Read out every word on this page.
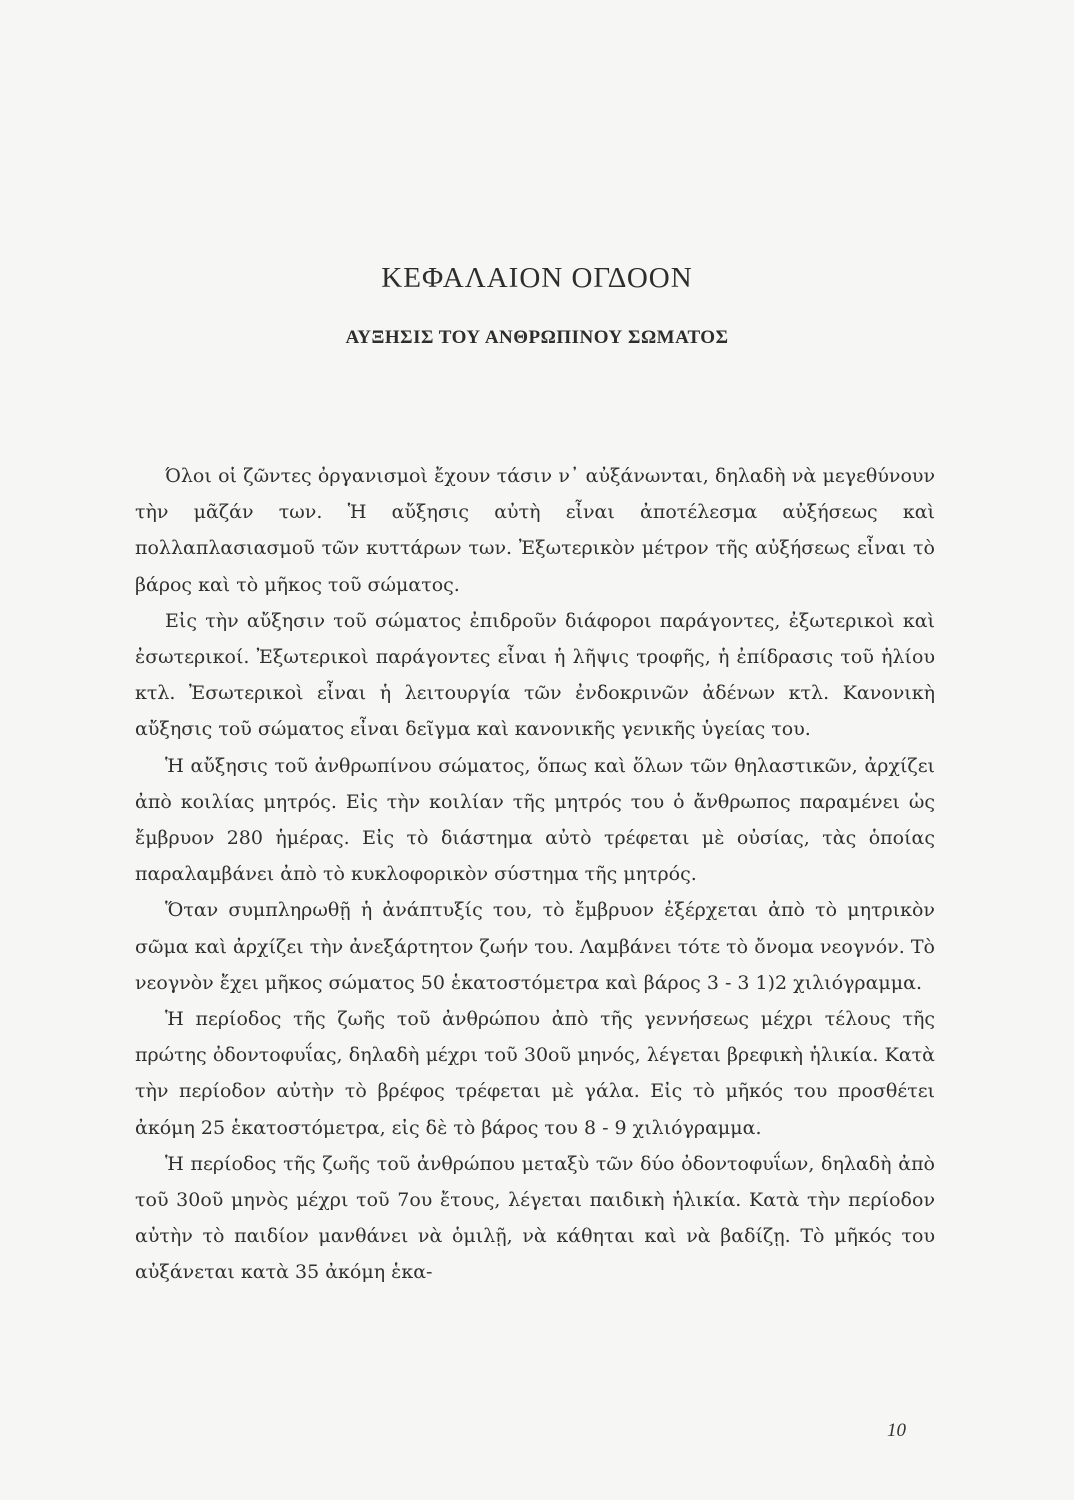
ΚΕΦΑΛΑΙΟΝ ΟΓΔΟΟΝ
ΑΥΞΗΣΙΣ ΤΟΥ ΑΝΘΡΩΠΙΝΟΥ ΣΩΜΑΤΟΣ

Όλοι οἱ ζῶντες ὀργανισμοὶ ἔχουν τάσιν ν᾽ αὐξάνωνται, δηλαδὴ νὰ μεγεθύνουν τὴν μᾶζάν των. Ἡ αὔξησις αὐτὴ εἶναι ἀποτέλεσμα αὐξήσεως καὶ πολλαπλασιασμοῦ τῶν κυττάρων των. Ἐξωτερικὸν μέτρον τῆς αὐξήσεως εἶναι τὸ βάρος καὶ τὸ μῆκος τοῦ σώματος.

Εἰς τὴν αὔξησιν τοῦ σώματος ἐπιδροῦν διάφοροι παράγοντες, ἐξωτερικοὶ καὶ ἐσωτερικοί. Ἐξωτερικοὶ παράγοντες εἶναι ἡ λῆψις τροφῆς, ἡ ἐπίδρασις τοῦ ἡλίου κτλ. Ἐσωτερικοὶ εἶναι ἡ λειτουργία τῶν ἐνδοκρινῶν ἀδένων κτλ. Κανονικὴ αὔξησις τοῦ σώματος εἶναι δεῖγμα καὶ κανονικῆς γενικῆς ὑγείας του.

Ἡ αὔξησις τοῦ ἀνθρωπίνου σώματος, ὅπως καὶ ὅλων τῶν θηλαστικῶν, ἀρχίζει ἀπὸ κοιλίας μητρός. Εἰς τὴν κοιλίαν τῆς μητρός του ὁ ἄνθρωπος παραμένει ὡς ἔμβρυον 280 ἡμέρας. Εἰς τὸ διάστημα αὐτὸ τρέφεται μὲ οὐσίας, τὰς ὁποίας παραλαμβάνει ἀπὸ τὸ κυκλοφορικὸν σύστημα τῆς μητρός.

Ὅταν συμπληρωθῇ ἡ ἀνάπτυξίς του, τὸ ἔμβρυον ἐξέρχεται ἀπὸ τὸ μητρικὸν σῶμα καὶ ἀρχίζει τὴν ἀνεξάρτητον ζωήν του. Λαμβάνει τότε τὸ ὄνομα νεογνόν. Τὸ νεογνὸν ἔχει μῆκος σώματος 50 ἑκατοστόμετρα καὶ βάρος 3 - 3 1)2 χιλιόγραμμα.

Ἡ περίοδος τῆς ζωῆς τοῦ ἀνθρώπου ἀπὸ τῆς γεννήσεως μέχρι τέλους τῆς πρώτης ὀδοντοφυΐας, δηλαδὴ μέχρι τοῦ 30οῦ μηνός, λέγεται βρεφικὴ ἡλικία. Κατὰ τὴν περίοδον αὐτὴν τὸ βρέφος τρέφεται μὲ γάλα. Εἰς τὸ μῆκός του προσθέτει ἀκόμη 25 ἑκατοστόμετρα, εἰς δὲ τὸ βάρος του 8 - 9 χιλιόγραμμα.

Ἡ περίοδος τῆς ζωῆς τοῦ ἀνθρώπου μεταξὺ τῶν δύο ὀδοντοφυΐων, δηλαδὴ ἀπὸ τοῦ 30οῦ μηνὸς μέχρι τοῦ 7ου ἔτους, λέγεται παιδικὴ ἡλικία. Κατὰ τὴν περίοδον αὐτὴν τὸ παιδίον μανθάνει νὰ ὁμιλῇ, νὰ κάθηται καὶ νὰ βαδίζῃ. Τὸ μῆκός του αὐξάνεται κατὰ 35 ἀκόμη ἑκα-

10
